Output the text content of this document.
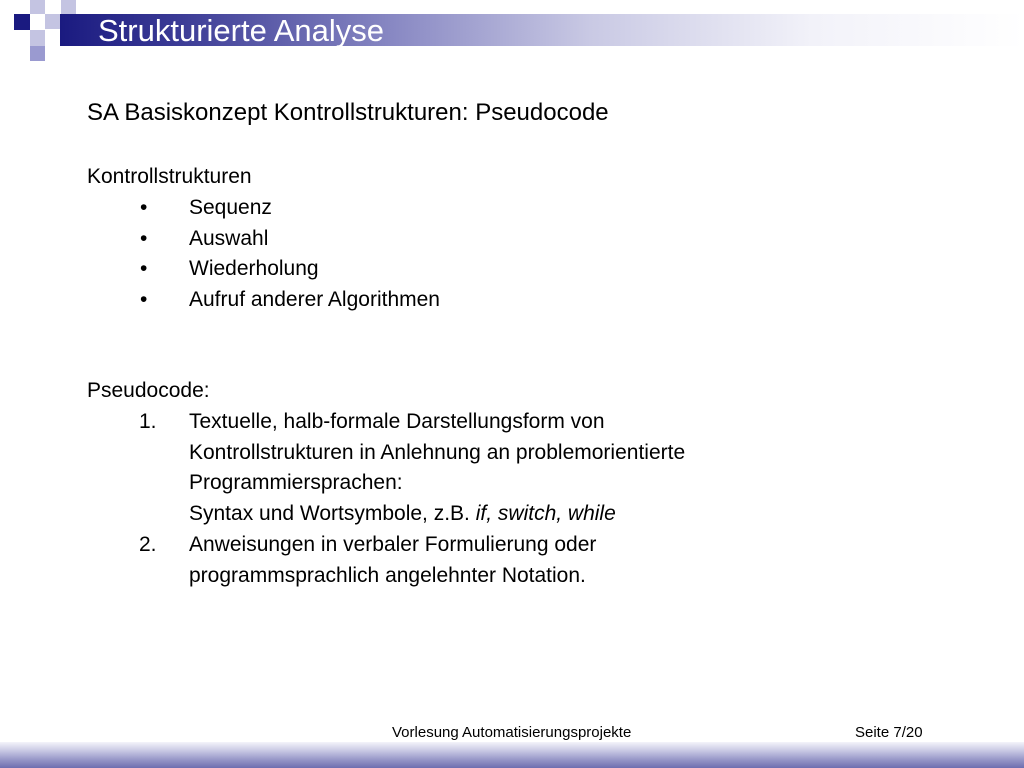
Strukturierte Analyse
SA Basiskonzept Kontrollstrukturen: Pseudocode
Kontrollstrukturen
• Sequenz
• Auswahl
• Wiederholung
• Aufruf anderer Algorithmen
Pseudocode:
1. Textuelle, halb-formale Darstellungsform von
Kontrollstrukturen in Anlehnung an problemorientierte
Programmiersprachen:
Syntax und Wortsymbole, z.B. if, switch, while
2. Anweisungen in verbaler Formulierung oder
programmsprachlich angelehnter Notation.
Vorlesung Automatisierungsprojekte	Seite 7/20
